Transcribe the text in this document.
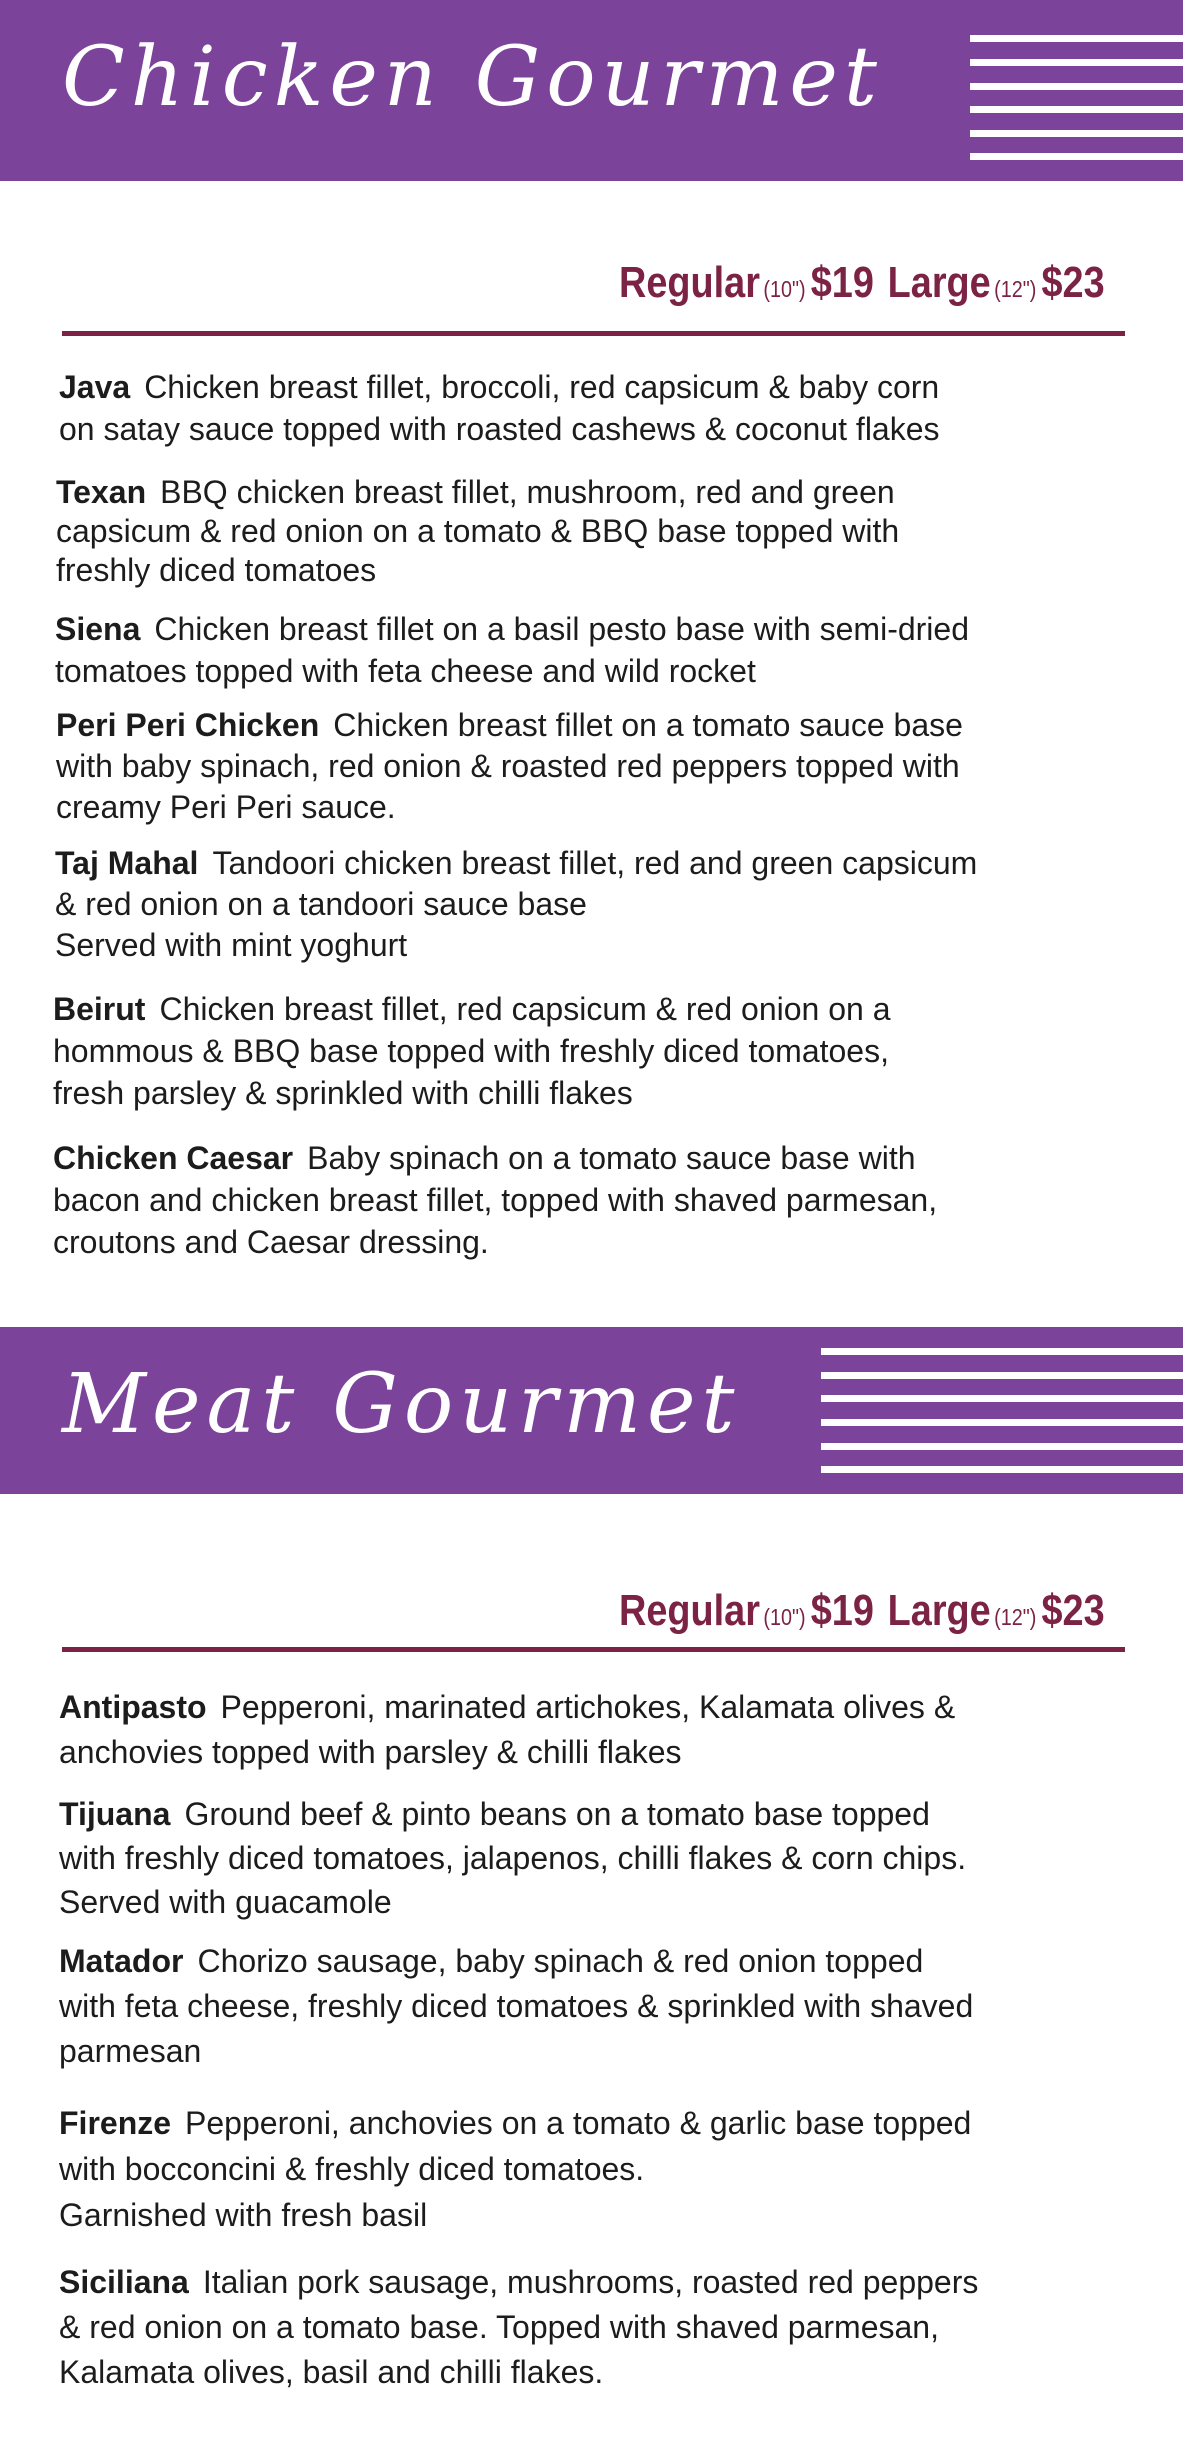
Chicken Gourmet
Regular (10") $19 Large (12") $23
Meat Gourmet
Regular (10") $19 Large (12") $23
Java Chicken breast fillet, broccoli, red capsicum & baby corn
on satay sauce topped with roasted cashews & coconut flakes
Texan BBQ chicken breast fillet, mushroom, red and green
capsicum & red onion on a tomato & BBQ base topped with
freshly diced tomatoes
Siena Chicken breast fillet on a basil pesto base with semi-dried
tomatoes topped with feta cheese and wild rocket
Peri Peri Chicken Chicken breast fillet on a tomato sauce base
with baby spinach, red onion & roasted red peppers topped with
creamy Peri Peri sauce.
Taj Mahal Tandoori chicken breast fillet, red and green capsicum
& red onion on a tandoori sauce base
Served with mint yoghurt
Beirut Chicken breast fillet, red capsicum & red onion on a
hommous & BBQ base topped with freshly diced tomatoes,
fresh parsley & sprinkled with chilli flakes
Chicken Caesar Baby spinach on a tomato sauce base with
bacon and chicken breast fillet, topped with shaved parmesan,
croutons and Caesar dressing.
Antipasto Pepperoni, marinated artichokes, Kalamata olives &
anchovies topped with parsley & chilli flakes
Tijuana Ground beef & pinto beans on a tomato base topped
with freshly diced tomatoes, jalapenos, chilli flakes & corn chips.
Served with guacamole
Matador Chorizo sausage, baby spinach & red onion topped
with feta cheese, freshly diced tomatoes & sprinkled with shaved
parmesan
Firenze Pepperoni, anchovies on a tomato & garlic base topped
with bocconcini & freshly diced tomatoes.
Garnished with fresh basil
Siciliana Italian pork sausage, mushrooms, roasted red peppers
& red onion on a tomato base. Topped with shaved parmesan,
Kalamata olives, basil and chilli flakes.
